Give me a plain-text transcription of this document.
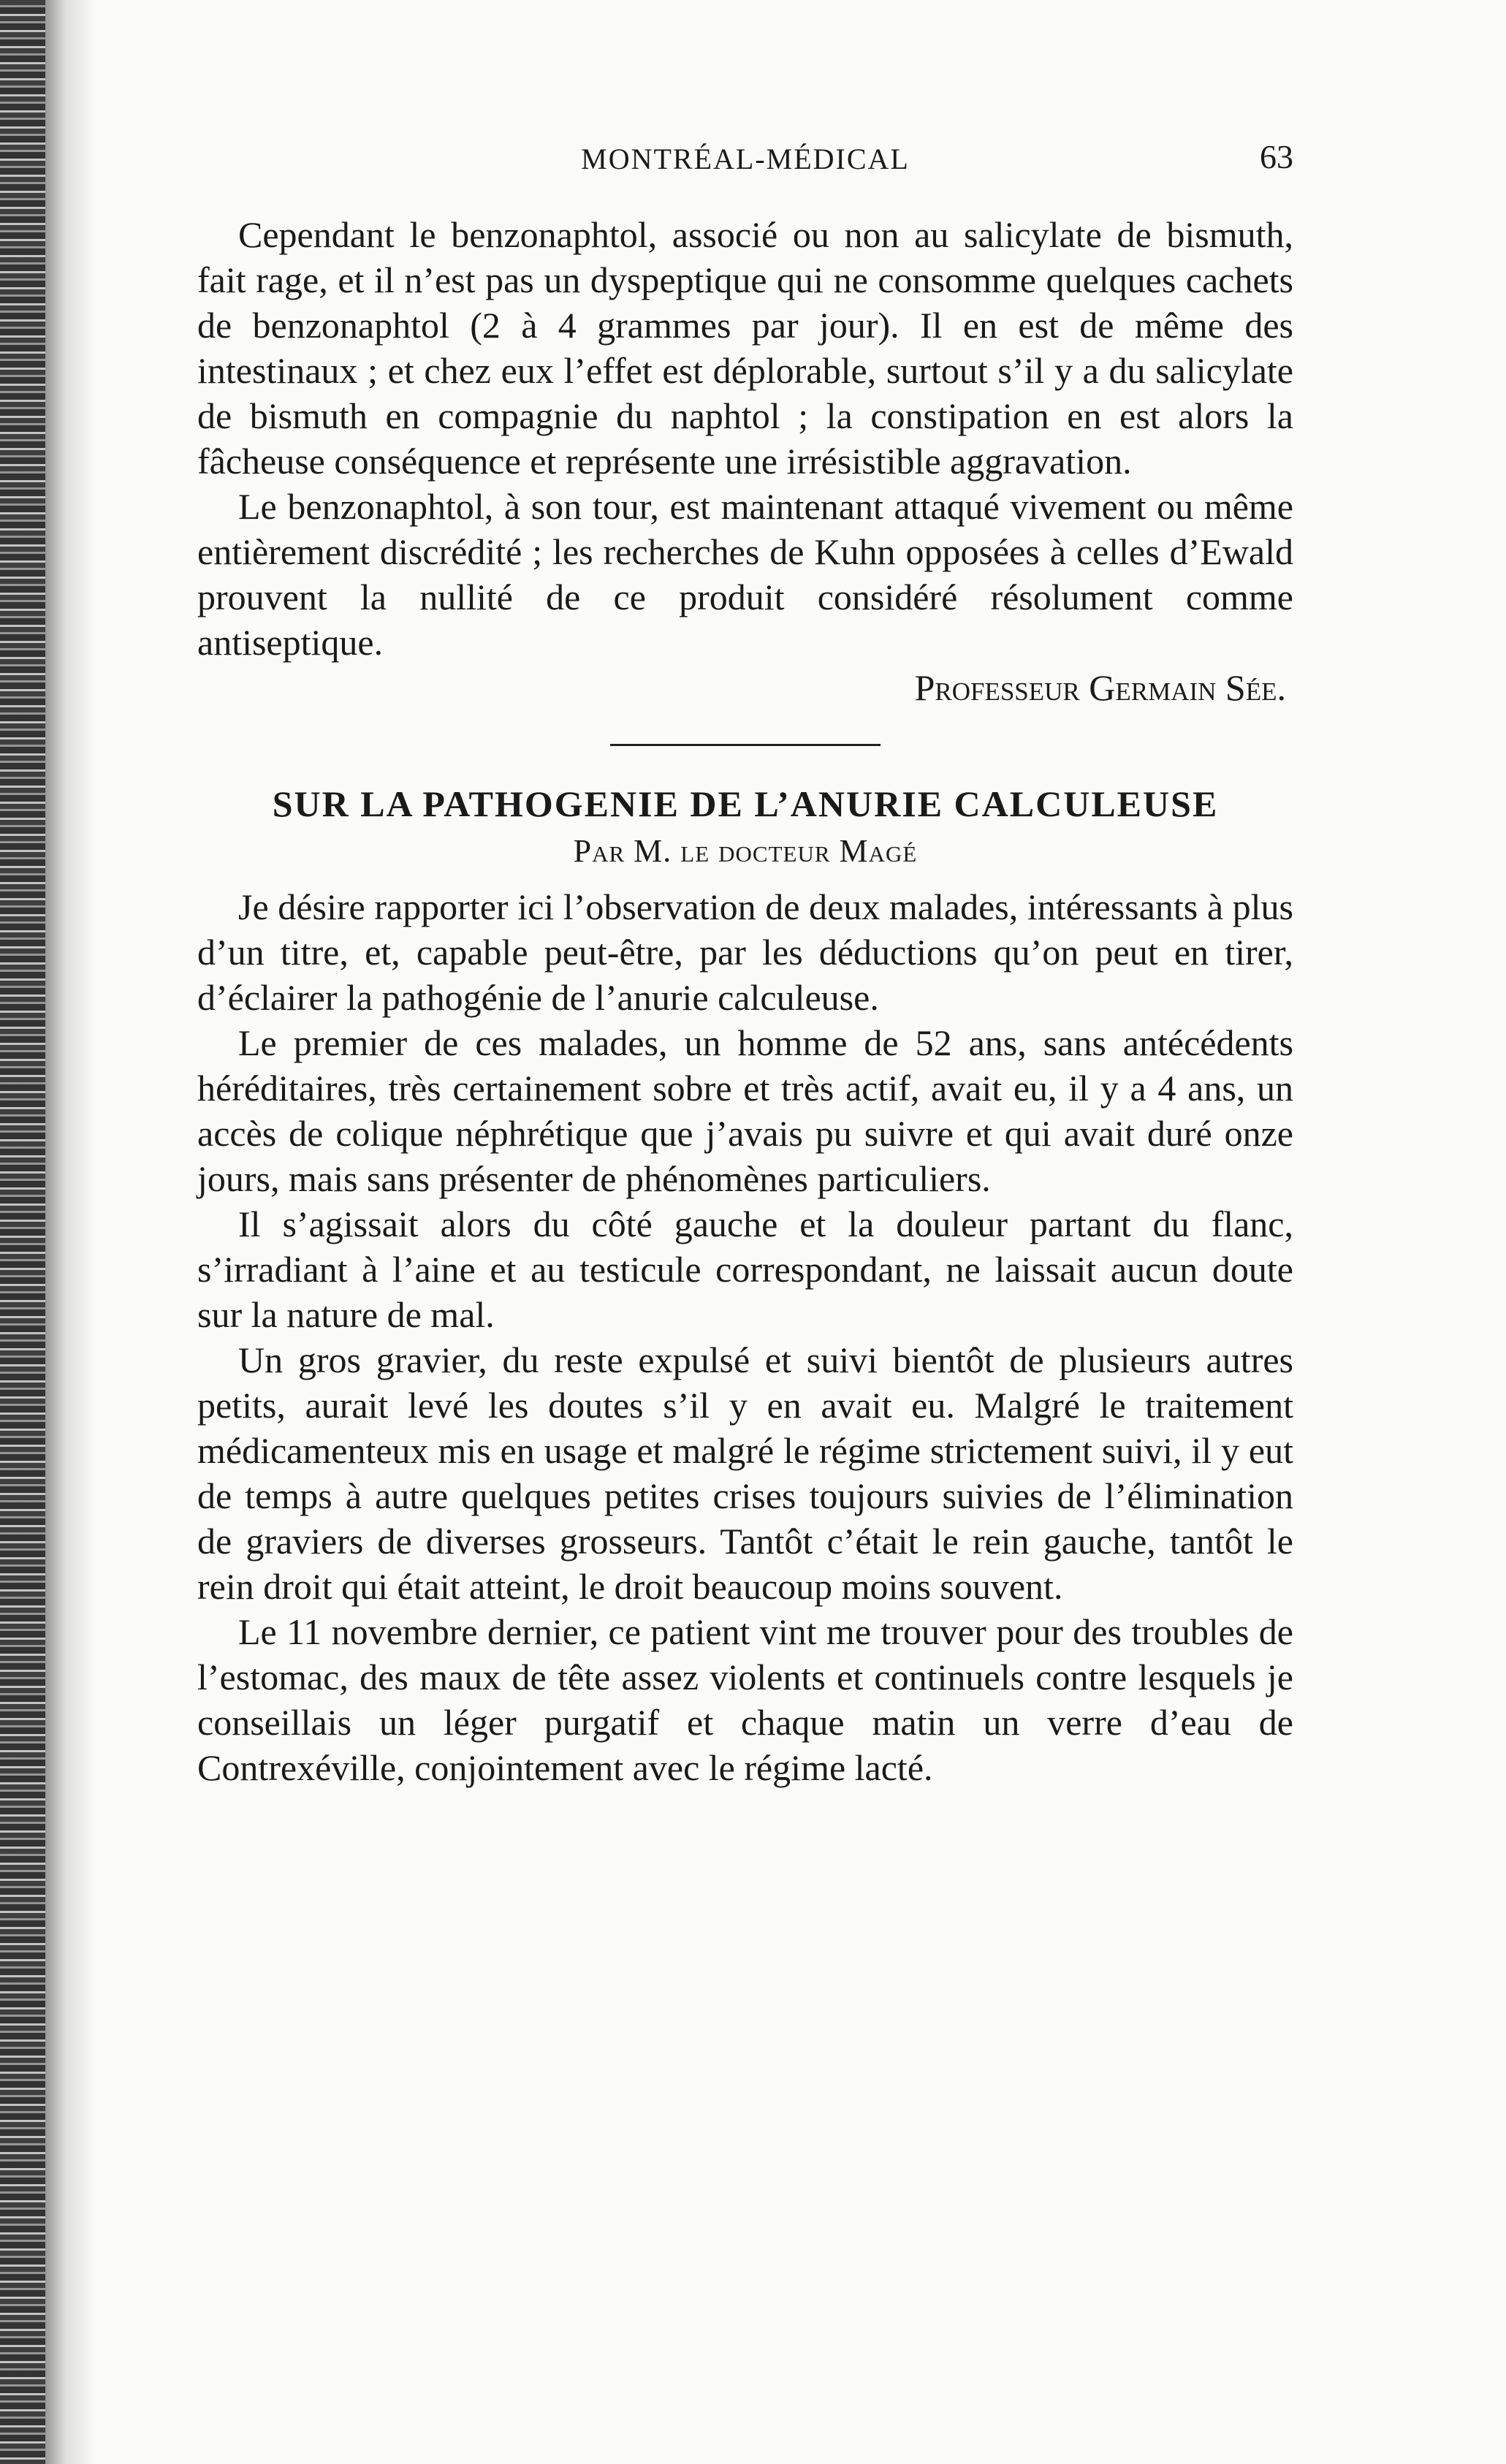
MONTRÉAL-MÉDICAL	63

Cependant le benzonaphtol, associé ou non au salicylate de bismuth, fait rage, et il n’est pas un dyspeptique qui ne consomme quelques cachets de benzonaphtol (2 à 4 grammes par jour). Il en est de même des intestinaux ; et chez eux l’effet est déplorable, surtout s’il y a du salicylate de bismuth en compagnie du naphtol ; la constipation en est alors la fâcheuse conséquence et représente une irrésistible aggravation.

Le benzonaphtol, à son tour, est maintenant attaqué vivement ou même entièrement discrédité ; les recherches de Kuhn opposées à celles d’Ewald prouvent la nullité de ce produit considéré résolument comme antiseptique.

Professeur Germain Sée.

SUR LA PATHOGENIE DE L’ANURIE CALCULEUSE

Par M. le docteur Magé

Je désire rapporter ici l’observation de deux malades, intéressants à plus d’un titre, et, capable peut-être, par les déductions qu’on peut en tirer, d’éclairer la pathogénie de l’anurie calculeuse.

Le premier de ces malades, un homme de 52 ans, sans antécédents héréditaires, très certainement sobre et très actif, avait eu, il y a 4 ans, un accès de colique néphrétique que j’avais pu suivre et qui avait duré onze jours, mais sans présenter de phénomènes particuliers.

Il s’agissait alors du côté gauche et la douleur partant du flanc, s’irradiant à l’aine et au testicule correspondant, ne laissait aucun doute sur la nature de mal.

Un gros gravier, du reste expulsé et suivi bientôt de plusieurs autres petits, aurait levé les doutes s’il y en avait eu. Malgré le traitement médicamenteux mis en usage et malgré le régime strictement suivi, il y eut de temps à autre quelques petites crises toujours suivies de l’élimination de graviers de diverses grosseurs. Tantôt c’était le rein gauche, tantôt le rein droit qui était atteint, le droit beaucoup moins souvent.

Le 11 novembre dernier, ce patient vint me trouver pour des troubles de l’estomac, des maux de tête assez violents et continuels contre lesquels je conseillais un léger purgatif et chaque matin un verre d’eau de Contrexéville, conjointement avec le régime lacté.
